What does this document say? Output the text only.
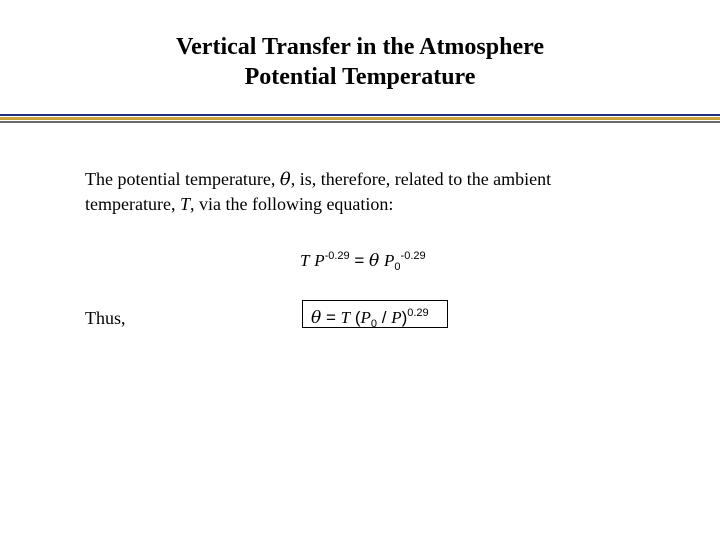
Vertical Transfer in the Atmosphere
Potential Temperature
The potential temperature, θ, is, therefore, related to the ambient temperature, T, via the following equation:
T $P^{-0.29} = \theta$ $P_0^{-0.29}$
Thus,	θ = T $(P_0 / P)^{0.29}$
